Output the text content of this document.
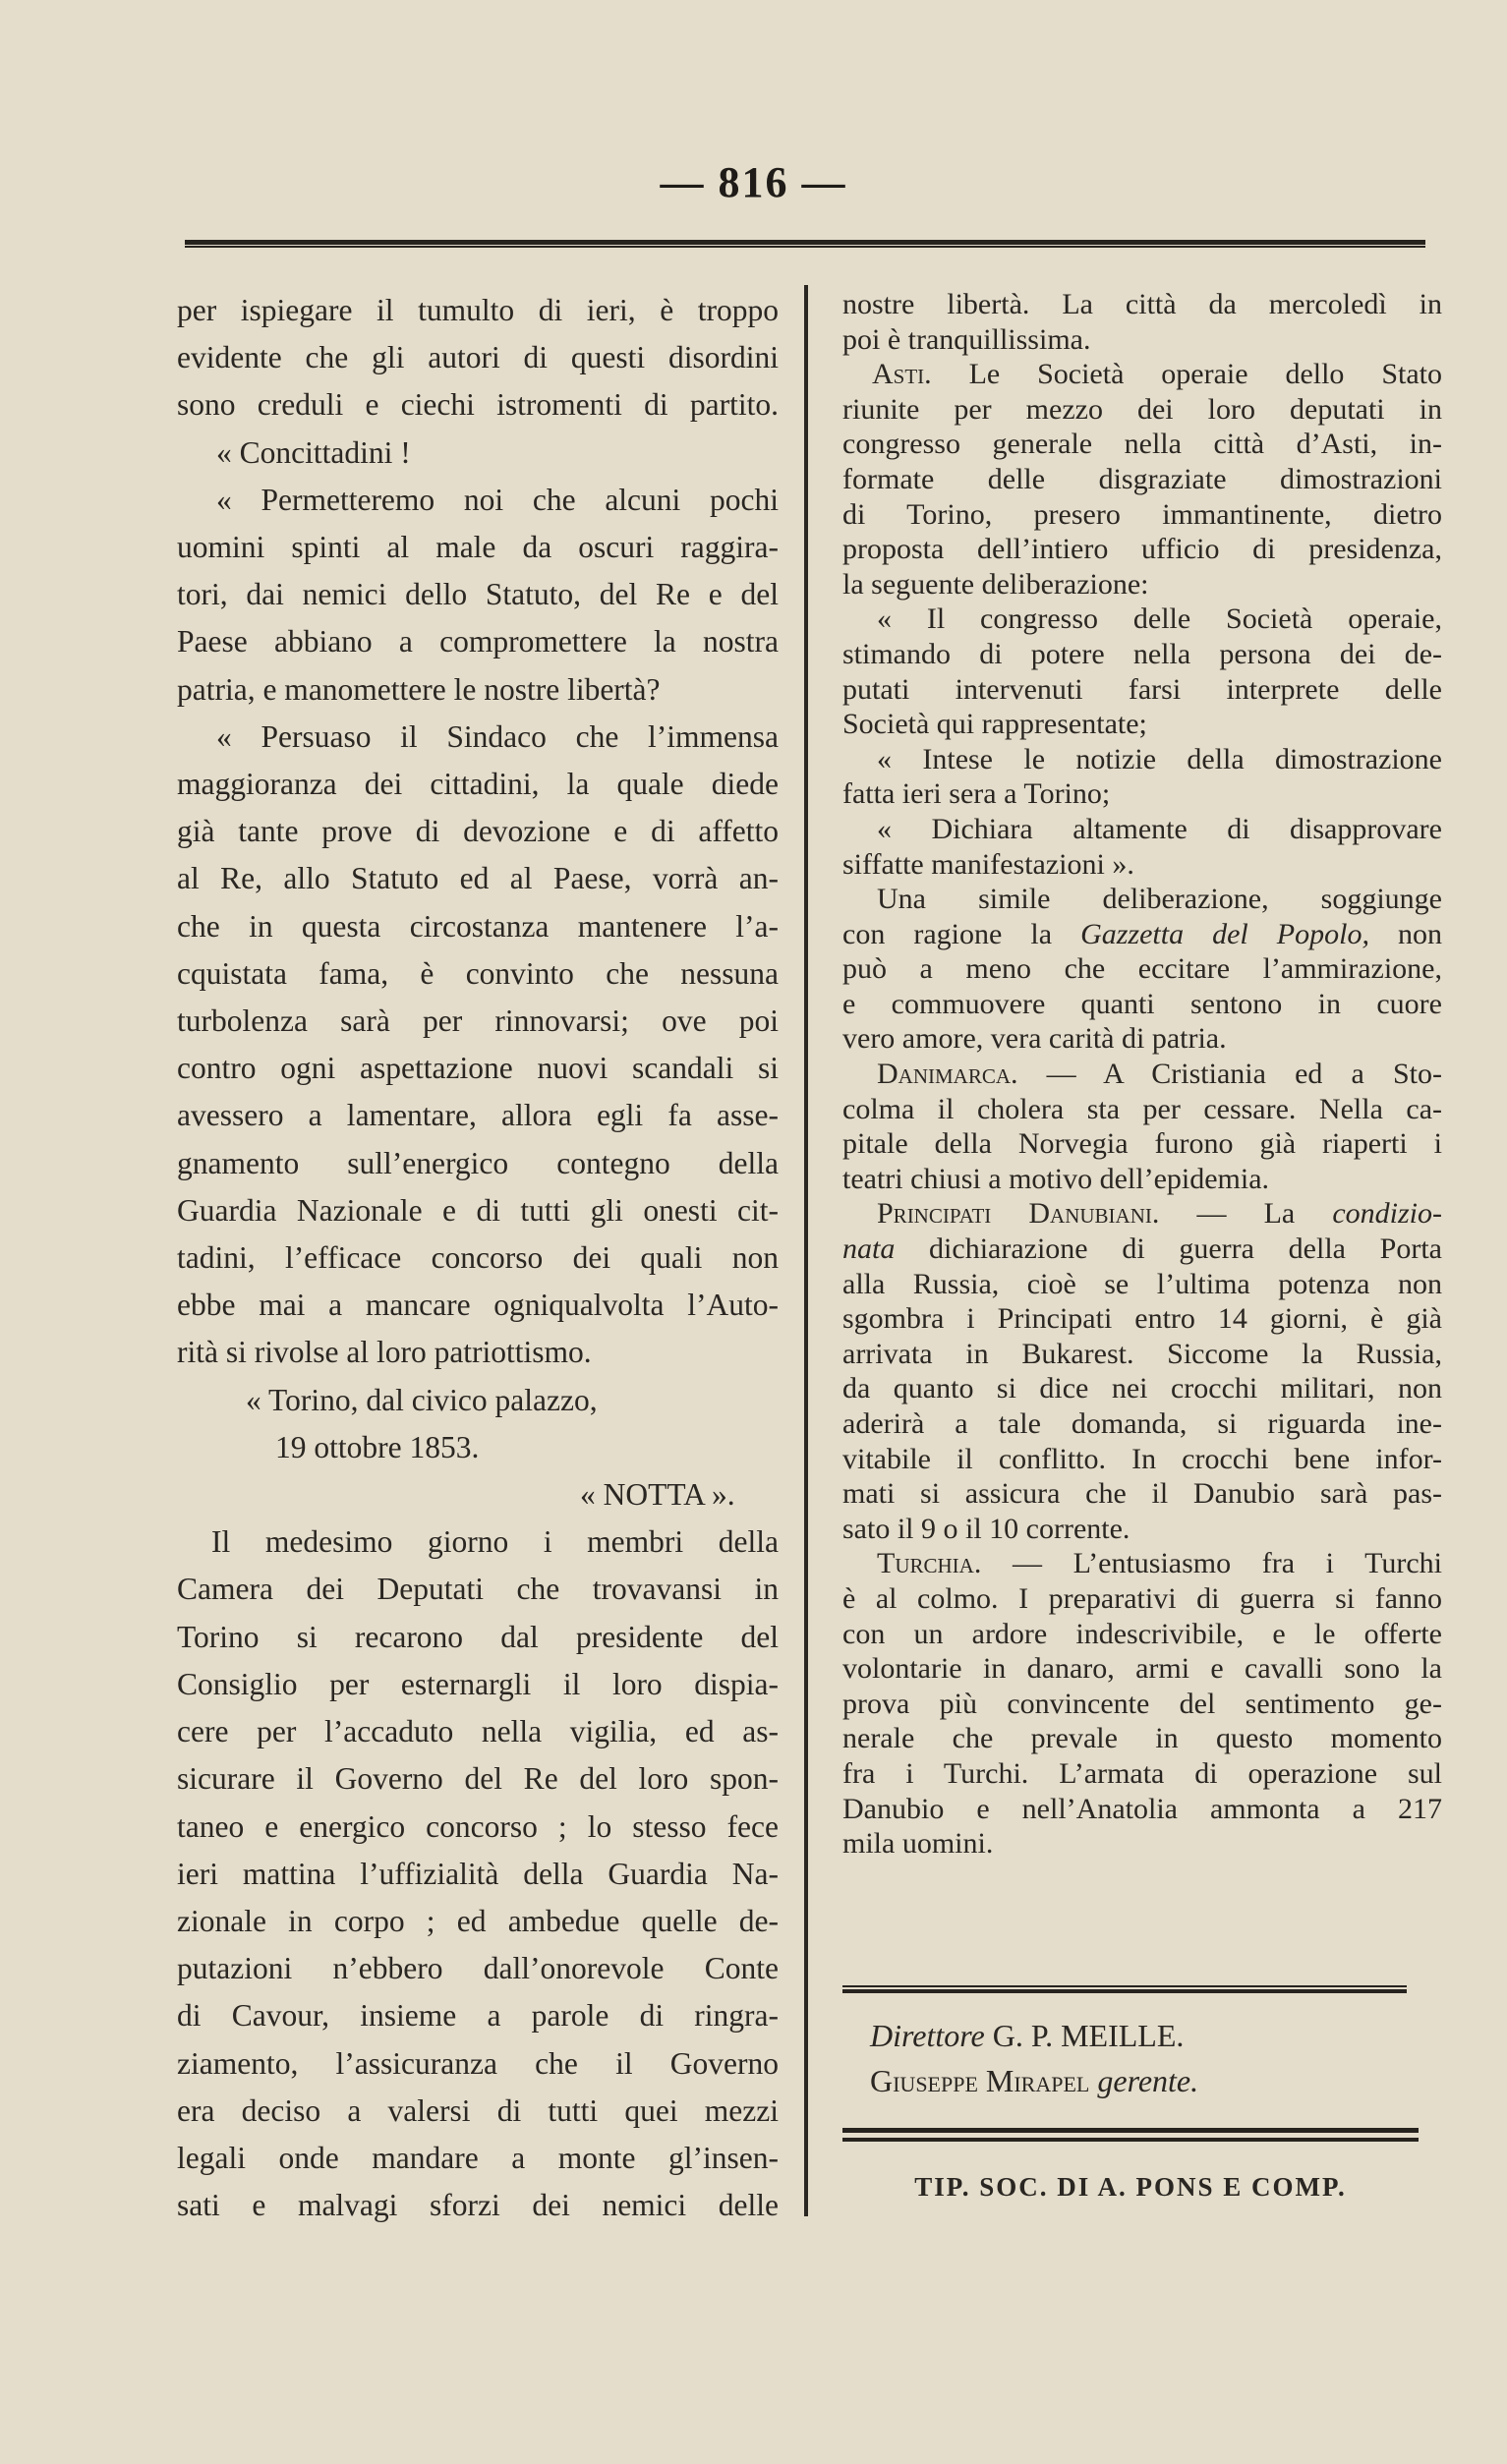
— 816 —
per ispiegare il tumulto di ieri, è troppo
evidente che gli autori di questi disordini
sono creduli e ciechi istromenti di partito.
« Concittadini !
« Permetteremo noi che alcuni pochi
uomini spinti al male da oscuri raggira-
tori, dai nemici dello Statuto, del Re e del
Paese abbiano a compromettere la nostra
patria, e manomettere le nostre libertà?
« Persuaso il Sindaco che l’immensa
maggioranza dei cittadini, la quale diede
già tante prove di devozione e di affetto
al Re, allo Statuto ed al Paese, vorrà an-
che in questa circostanza mantenere l’a-
cquistata fama, è convinto che nessuna
turbolenza sarà per rinnovarsi; ove poi
contro ogni aspettazione nuovi scandali si
avessero a lamentare, allora egli fa asse-
gnamento sull’energico contegno della
Guardia Nazionale e di tutti gli onesti cit-
tadini, l’efficace concorso dei quali non
ebbe mai a mancare ogniqualvolta l’Auto-
rità si rivolse al loro patriottismo.
« Torino, dal civico palazzo,
19 ottobre 1853.
« NOTTA ».
Il medesimo giorno i membri della
Camera dei Deputati che trovavansi in
Torino si recarono dal presidente del
Consiglio per esternargli il loro dispia-
cere per l’accaduto nella vigilia, ed as-
sicurare il Governo del Re del loro spon-
taneo e energico concorso ; lo stesso fece
ieri mattina l’uffizialità della Guardia Na-
zionale in corpo ; ed ambedue quelle de-
putazioni n’ebbero dall’onorevole Conte
di Cavour, insieme a parole di ringra-
ziamento, l’assicuranza che il Governo
era deciso a valersi di tutti quei mezzi
legali onde mandare a monte gl’insen-
sati e malvagi sforzi dei nemici delle
nostre libertà. La città da mercoledì in
poi è tranquillissima.
Asti. Le Società operaie dello Stato
riunite per mezzo dei loro deputati in
congresso generale nella città d’Asti, in-
formate delle disgraziate dimostrazioni
di Torino, presero immantinente, dietro
proposta dell’intiero ufficio di presidenza,
la seguente deliberazione:
« Il congresso delle Società operaie,
stimando di potere nella persona dei de-
putati intervenuti farsi interprete delle
Società qui rappresentate;
« Intese le notizie della dimostrazione
fatta ieri sera a Torino;
« Dichiara altamente di disapprovare
siffatte manifestazioni ».
Una simile deliberazione, soggiunge
con ragione la Gazzetta del Popolo, non
può a meno che eccitare l’ammirazione,
e commuovere quanti sentono in cuore
vero amore, vera carità di patria.
Danimarca. — A Cristiania ed a Sto-
colma il cholera sta per cessare. Nella ca-
pitale della Norvegia furono già riaperti i
teatri chiusi a motivo dell’epidemia.
Principati Danubiani. — La condizio-
nata dichiarazione di guerra della Porta
alla Russia, cioè se l’ultima potenza non
sgombra i Principati entro 14 giorni, è già
arrivata in Bukarest. Siccome la Russia,
da quanto si dice nei crocchi militari, non
aderirà a tale domanda, si riguarda ine-
vitabile il conflitto. In crocchi bene infor-
mati si assicura che il Danubio sarà pas-
sato il 9 o il 10 corrente.
Turchia. — L’entusiasmo fra i Turchi
è al colmo. I preparativi di guerra si fanno
con un ardore indescrivibile, e le offerte
volontarie in danaro, armi e cavalli sono la
prova più convincente del sentimento ge-
nerale che prevale in questo momento
fra i Turchi. L’armata di operazione sul
Danubio e nell’Anatolia ammonta a 217
mila uomini.
Direttore G. P. MEILLE.
Giuseppe Mirapel gerente.
TIP. SOC. DI A. PONS E COMP.
